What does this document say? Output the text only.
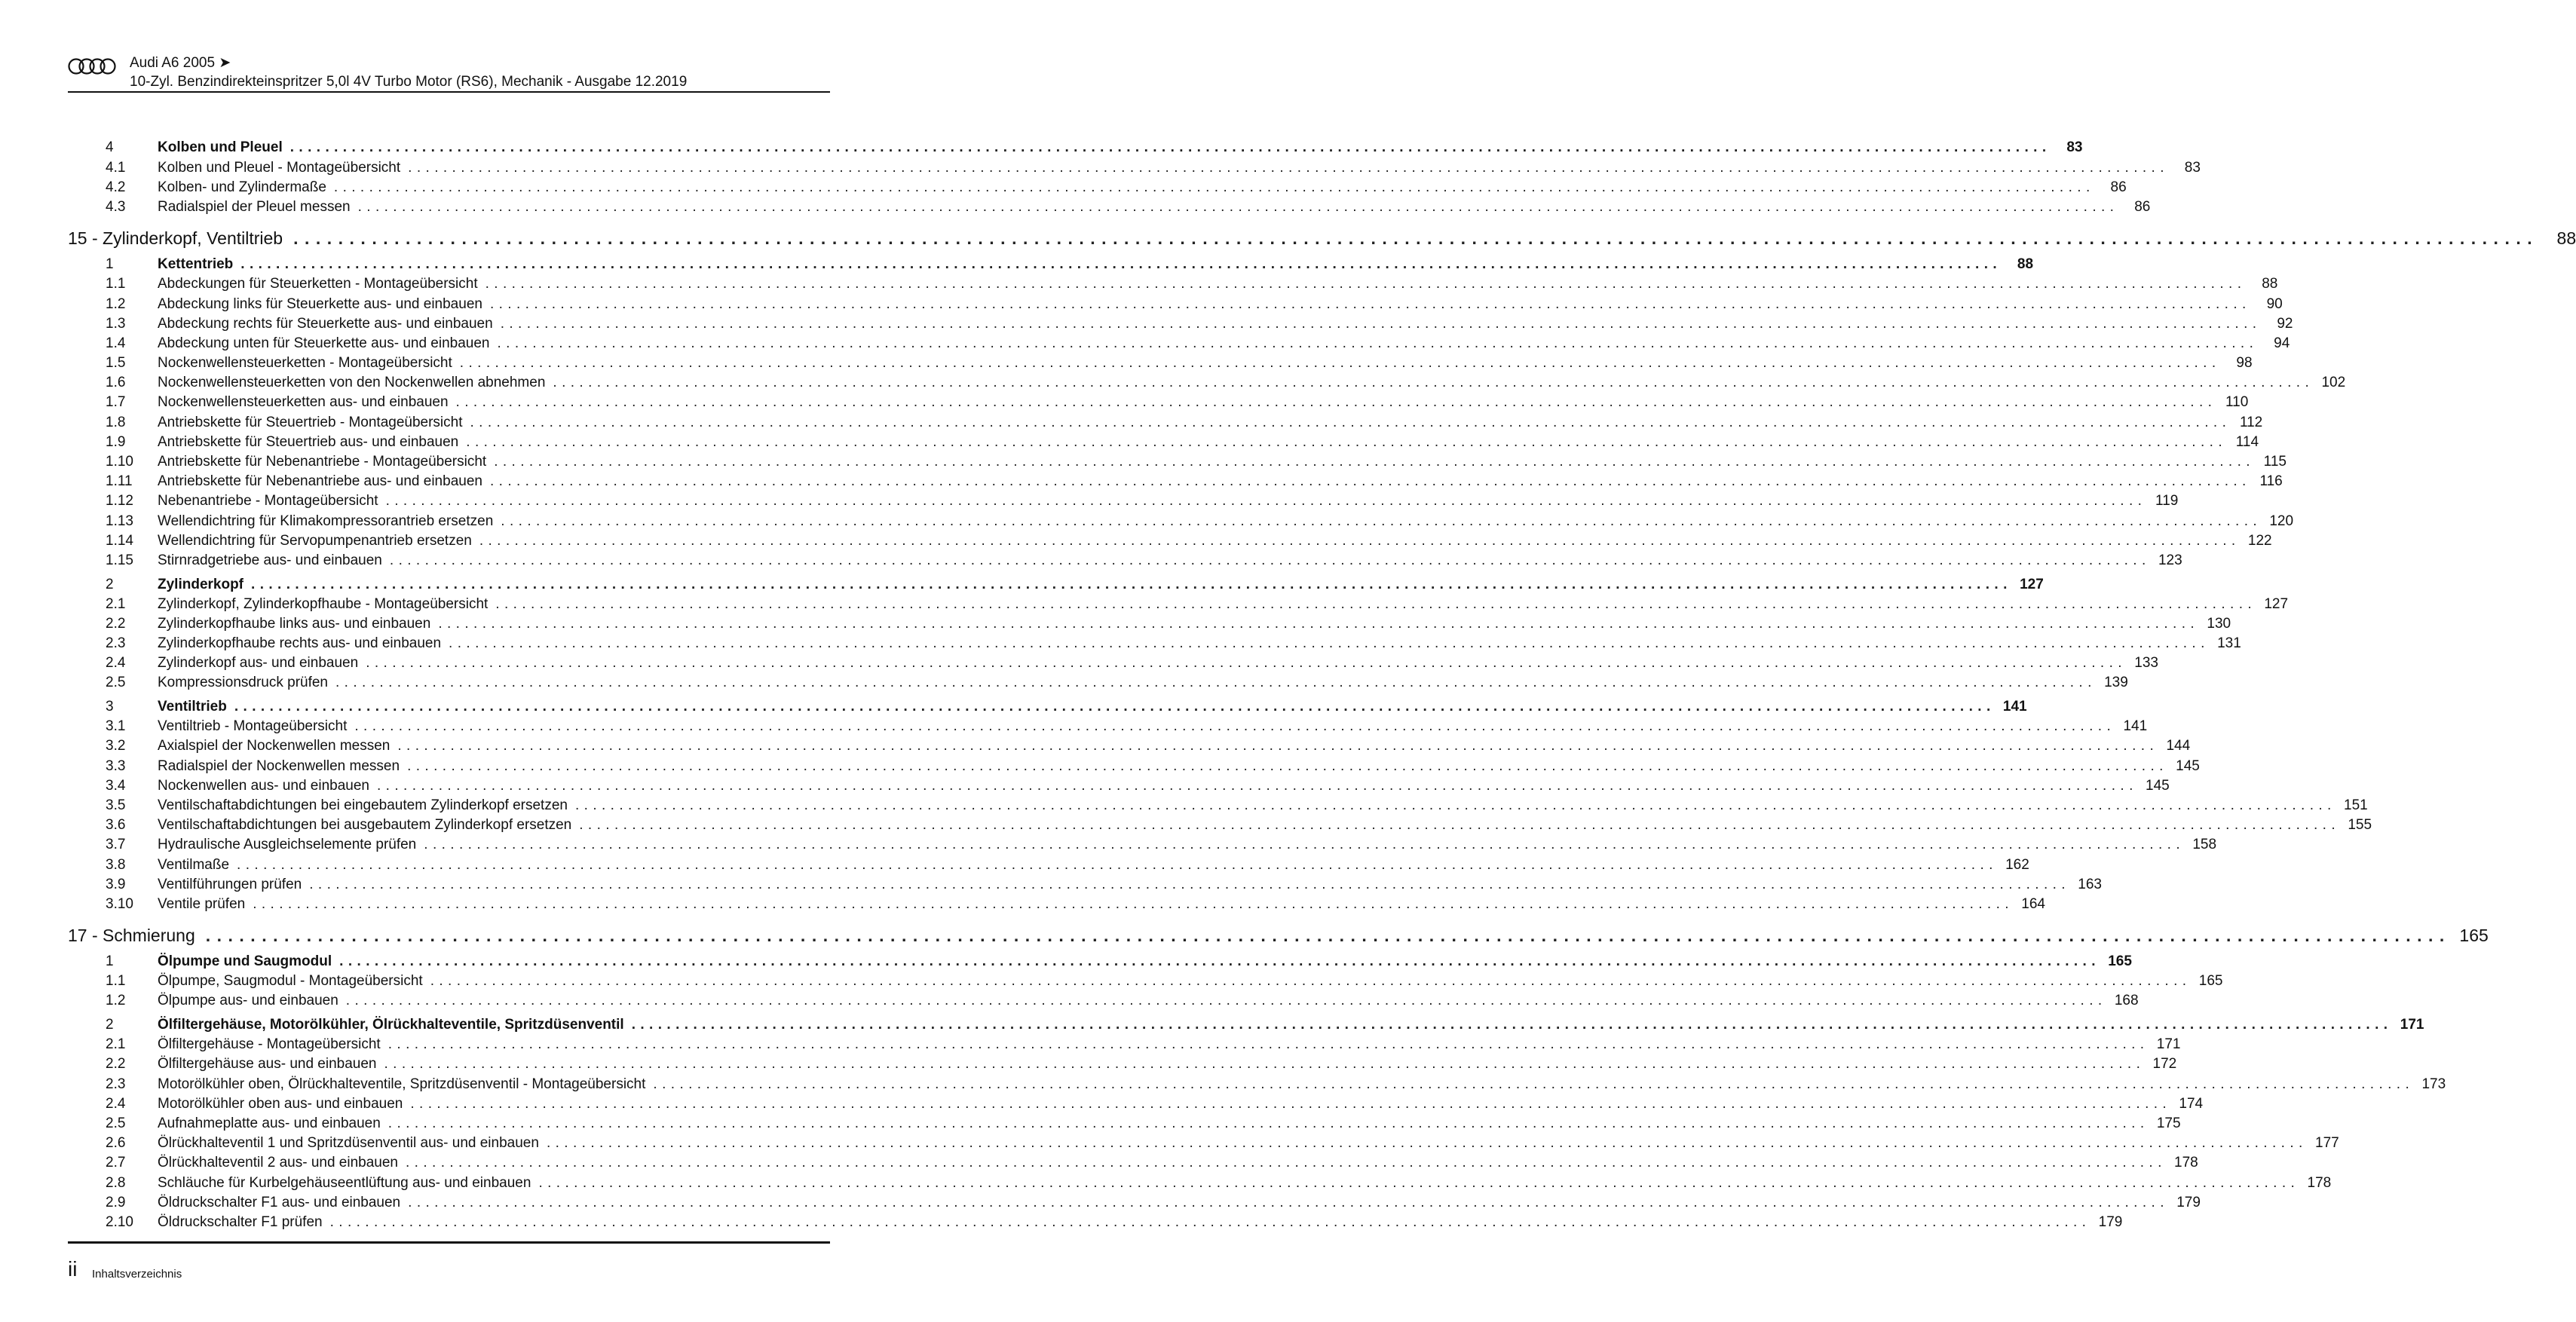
Audi A6 2005 ➤
10-Zyl. Benzindirekteinspritzer 5,0l 4V Turbo Motor (RS6), Mechanik - Ausgabe 12.2019
4	Kolben und Pleuel ........................................................................................................................................................................................................	83
4.1	Kolben und Pleuel - Montageübersicht ........................................................................................................................................................................................................	83
4.2	Kolben- und Zylindermaße ........................................................................................................................................................................................................	86
4.3	Radialspiel der Pleuel messen ........................................................................................................................................................................................................	86
15 - Zylinderkopf, Ventiltrieb ........................................................................................................................................................................................................	88
1	Kettentrieb ........................................................................................................................................................................................................	88
1.1	Abdeckungen für Steuerketten - Montageübersicht ........................................................................................................................................................................................................	88
1.2	Abdeckung links für Steuerkette aus- und einbauen ........................................................................................................................................................................................................	90
1.3	Abdeckung rechts für Steuerkette aus- und einbauen ........................................................................................................................................................................................................	92
1.4	Abdeckung unten für Steuerkette aus- und einbauen ........................................................................................................................................................................................................	94
1.5	Nockenwellensteuerketten - Montageübersicht ........................................................................................................................................................................................................	98
1.6	Nockenwellensteuerketten von den Nockenwellen abnehmen ........................................................................................................................................................................................................ 102
1.7	Nockenwellensteuerketten aus- und einbauen ........................................................................................................................................................................................................ 110
1.8	Antriebskette für Steuertrieb - Montageübersicht ........................................................................................................................................................................................................ 112
1.9	Antriebskette für Steuertrieb aus- und einbauen ........................................................................................................................................................................................................ 114
1.10	Antriebskette für Nebenantriebe - Montageübersicht ........................................................................................................................................................................................................ 115
1.11	Antriebskette für Nebenantriebe aus- und einbauen ........................................................................................................................................................................................................ 116
1.12	Nebenantriebe - Montageübersicht ........................................................................................................................................................................................................ 119
1.13	Wellendichtring für Klimakompressorantrieb ersetzen ........................................................................................................................................................................................................ 120
1.14	Wellendichtring für Servopumpenantrieb ersetzen ........................................................................................................................................................................................................ 122
1.15	Stirnradgetriebe aus- und einbauen ........................................................................................................................................................................................................ 123
2	Zylinderkopf ........................................................................................................................................................................................................ 127
2.1	Zylinderkopf, Zylinderkopfhaube - Montageübersicht ........................................................................................................................................................................................................ 127
2.2	Zylinderkopfhaube links aus- und einbauen ........................................................................................................................................................................................................ 130
2.3	Zylinderkopfhaube rechts aus- und einbauen ........................................................................................................................................................................................................ 131
2.4	Zylinderkopf aus- und einbauen ........................................................................................................................................................................................................ 133
2.5	Kompressionsdruck prüfen ........................................................................................................................................................................................................ 139
3	Ventiltrieb ........................................................................................................................................................................................................ 141
3.1	Ventiltrieb - Montageübersicht ........................................................................................................................................................................................................ 141
3.2	Axialspiel der Nockenwellen messen ........................................................................................................................................................................................................ 144
3.3	Radialspiel der Nockenwellen messen ........................................................................................................................................................................................................ 145
3.4	Nockenwellen aus- und einbauen ........................................................................................................................................................................................................ 145
3.5	Ventilschaftabdichtungen bei eingebautem Zylinderkopf ersetzen ........................................................................................................................................................................................................ 151
3.6	Ventilschaftabdichtungen bei ausgebautem Zylinderkopf ersetzen ........................................................................................................................................................................................................ 155
3.7	Hydraulische Ausgleichselemente prüfen ........................................................................................................................................................................................................ 158
3.8	Ventilmaße ........................................................................................................................................................................................................ 162
3.9	Ventilführungen prüfen ........................................................................................................................................................................................................ 163
3.10	Ventile prüfen ........................................................................................................................................................................................................ 164
17 - Schmierung ........................................................................................................................................................................................................ 165
1	Ölpumpe und Saugmodul ........................................................................................................................................................................................................ 165
1.1	Ölpumpe, Saugmodul - Montageübersicht ........................................................................................................................................................................................................ 165
1.2	Ölpumpe aus- und einbauen ........................................................................................................................................................................................................ 168
2	Ölfiltergehäuse, Motorölkühler, Ölrückhalteventile, Spritzdüsenventil ........................................................................................................................................................................................................ 171
2.1	Ölfiltergehäuse - Montageübersicht ........................................................................................................................................................................................................ 171
2.2	Ölfiltergehäuse aus- und einbauen ........................................................................................................................................................................................................ 172
2.3	Motorölkühler oben, Ölrückhalteventile, Spritzdüsenventil - Montageübersicht ........................................................................................................................................................................................................ 173
2.4	Motorölkühler oben aus- und einbauen ........................................................................................................................................................................................................ 174
2.5	Aufnahmeplatte aus- und einbauen ........................................................................................................................................................................................................ 175
2.6	Ölrückhalteventil 1 und Spritzdüsenventil aus- und einbauen ........................................................................................................................................................................................................ 177
2.7	Ölrückhalteventil 2 aus- und einbauen ........................................................................................................................................................................................................ 178
2.8	Schläuche für Kurbelgehäuseentlüftung aus- und einbauen ........................................................................................................................................................................................................ 178
2.9	Öldruckschalter F1 aus- und einbauen ........................................................................................................................................................................................................ 179
2.10	Öldruckschalter F1 prüfen ........................................................................................................................................................................................................ 179
ii Inhaltsverzeichnis
